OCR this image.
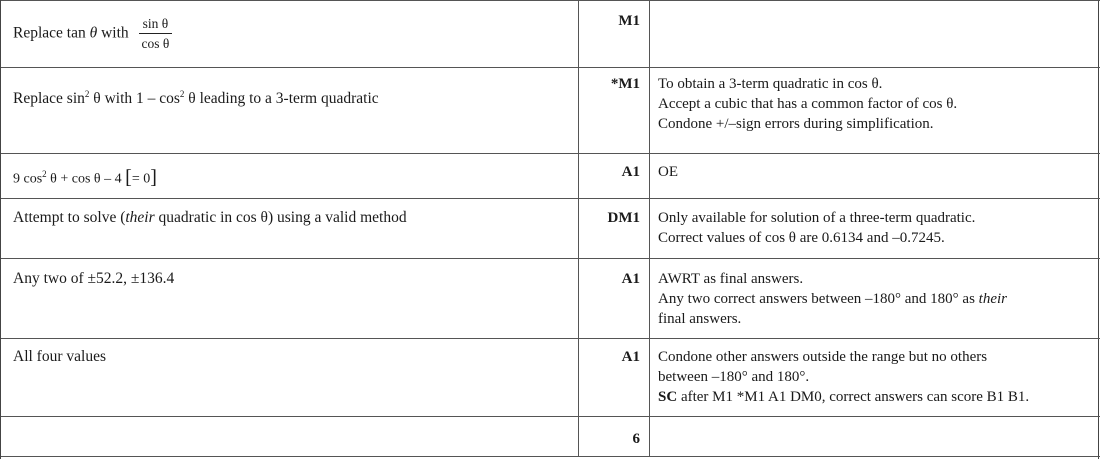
Replace tan θ with $\frac{\text{sin θ}}{\text{cos θ}}$	M1	

Replace $\sin^2 \theta$ with $1 - \cos^2 \theta$ leading to a 3-term quadratic	*M1	To obtain a 3-term quadratic in cos θ.
Accept a cubic that has a common factor of cos θ.
Condone +/–sign errors during simplification.

9 $\cos^2 \theta + \cos \theta - 4$ [= 0]	A1	OE

Attempt to solve (their quadratic in cos θ) using a valid method	DM1	Only available for solution of a three-term quadratic.
Correct values of cos θ are 0.6134 and –0.7245.

Any two of ±52.2, ±136.4	A1	AWRT as final answers.
Any two correct answers between –180° and 180° as their
final answers.

All four values	A1	Condone other answers outside the range but no others
between –180° and 180°.
SC after M1 *M1 A1 DM0, correct answers can score B1 B1.

	6	
